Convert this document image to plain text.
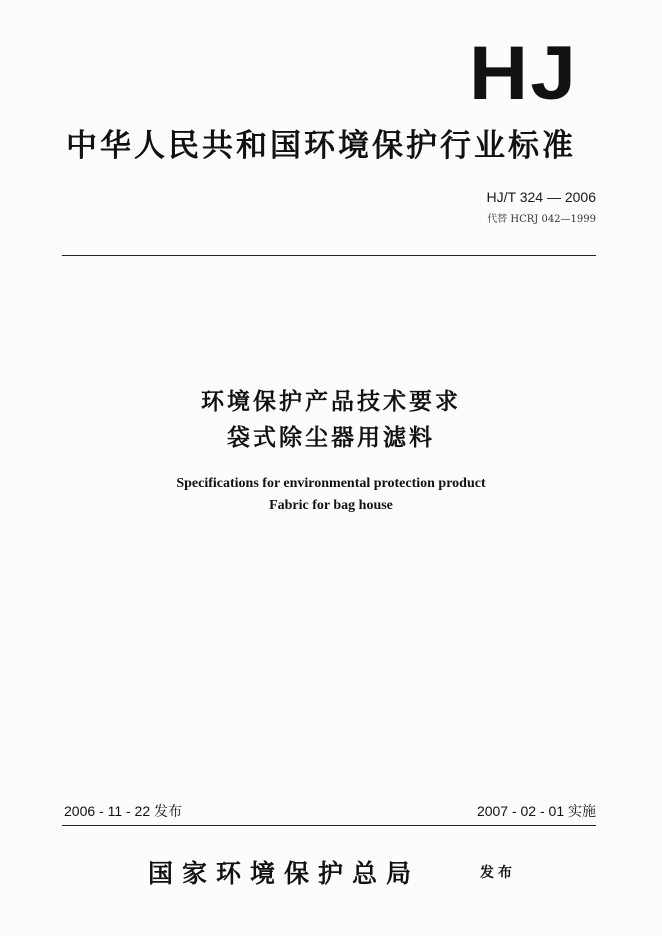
HJ
中华人民共和国环境保护行业标准
HJ/T 324 — 2006
代替 HCRJ 042—1999
环境保护产品技术要求
袋式除尘器用滤料
Specifications for environmental protection product
Fabric for bag house
2006 - 11 - 22 发布	2007 - 02 - 01 实施
国家环境保护总局	发布
